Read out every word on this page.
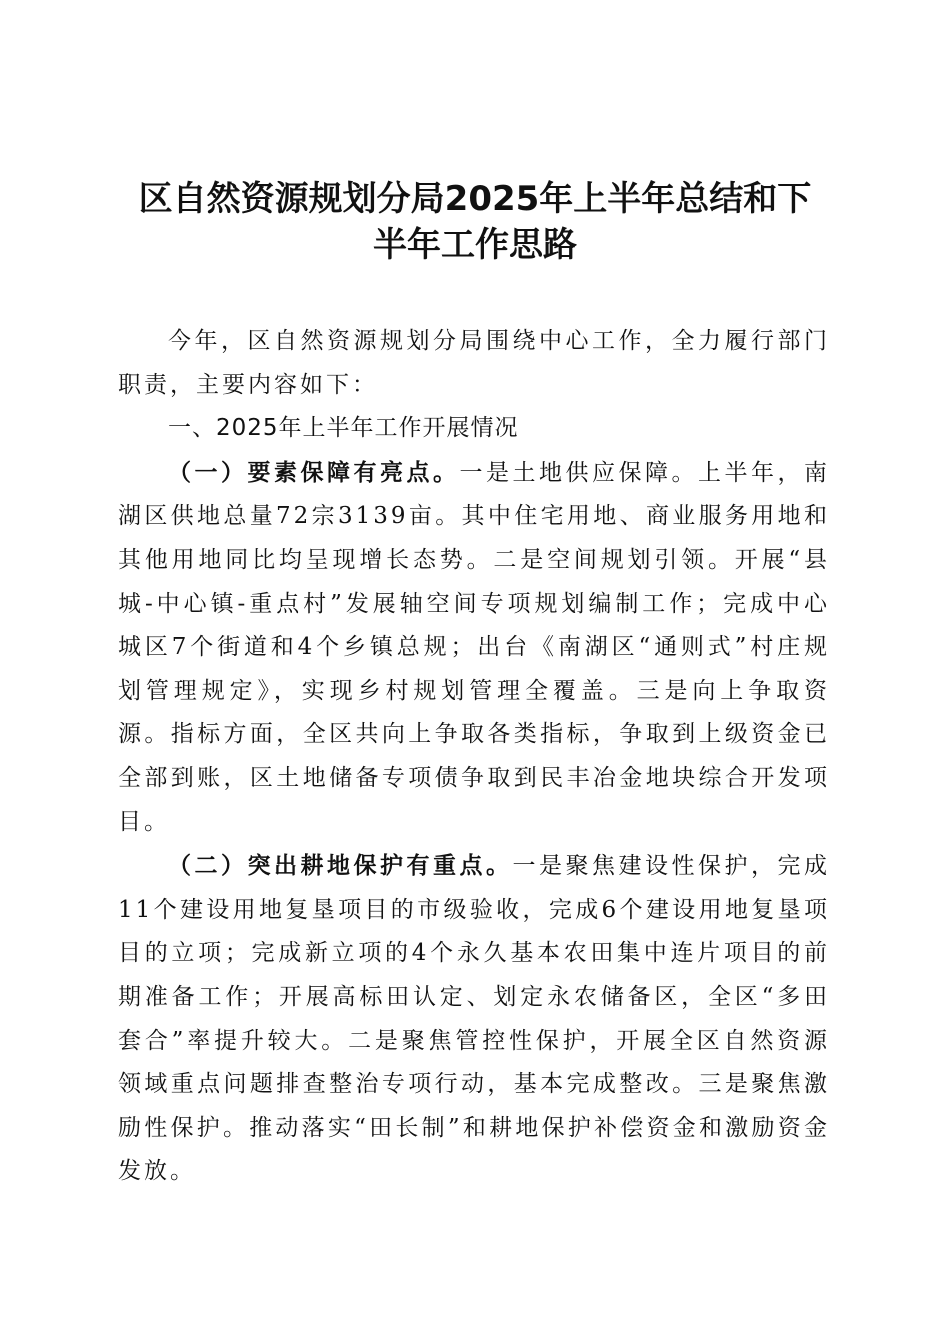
区自然资源规划分局2025年上半年总结和下
半年工作思路

今年，区自然资源规划分局围绕中心工作，全力履行部门职责，主要内容如下：

一、2025年上半年工作开展情况

（一）要素保障有亮点。一是土地供应保障。上半年，南湖区供地总量72宗3139亩。其中住宅用地、商业服务用地和其他用地同比均呈现增长态势。二是空间规划引领。开展“县城-中心镇-重点村”发展轴空间专项规划编制工作；完成中心城区7个街道和4个乡镇总规；出台《南湖区“通则式”村庄规划管理规定》，实现乡村规划管理全覆盖。三是向上争取资源。指标方面，全区共向上争取各类指标，争取到上级资金已全部到账，区土地储备专项债争取到民丰冶金地块综合开发项目。

（二）突出耕地保护有重点。一是聚焦建设性保护，完成11个建设用地复垦项目的市级验收，完成6个建设用地复垦项目的立项；完成新立项的4个永久基本农田集中连片项目的前期准备工作；开展高标田认定、划定永农储备区，全区“多田套合”率提升较大。二是聚焦管控性保护，开展全区自然资源领域重点问题排查整治专项行动，基本完成整改。三是聚焦激励性保护。推动落实“田长制”和耕地保护补偿资金和激励资金发放。
